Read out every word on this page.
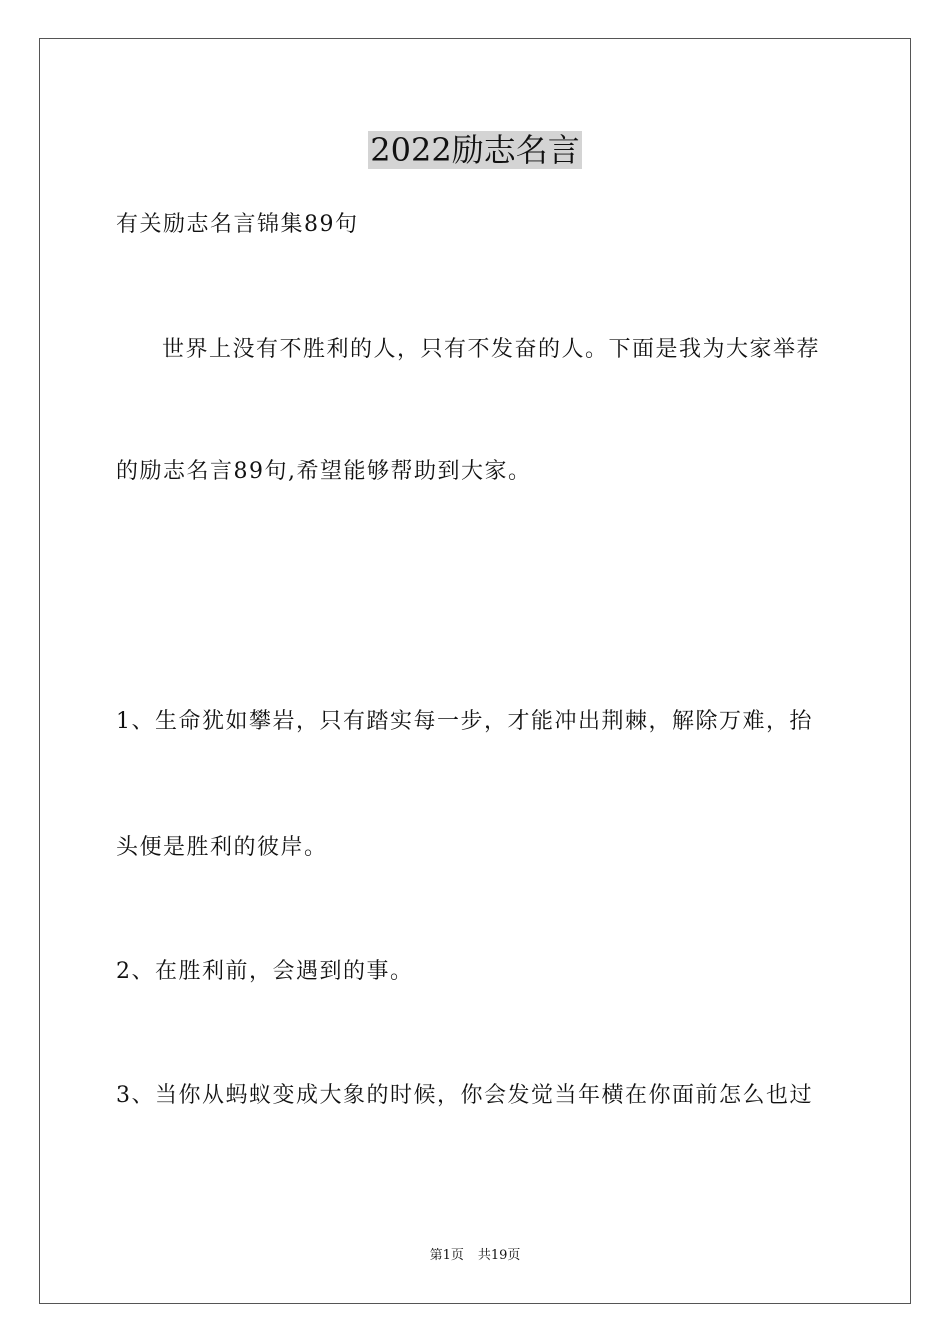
2022励志名言
有关励志名言锦集89句
世界上没有不胜利的人，只有不发奋的人。下面是我为大家举荐
的励志名言89句,希望能够帮助到大家。
1、生命犹如攀岩，只有踏实每一步，才能冲出荆棘，解除万难，抬
头便是胜利的彼岸。
2、在胜利前，会遇到的事。
3、当你从蚂蚁变成大象的时候，你会发觉当年横在你面前怎么也过
第1页 共19页
